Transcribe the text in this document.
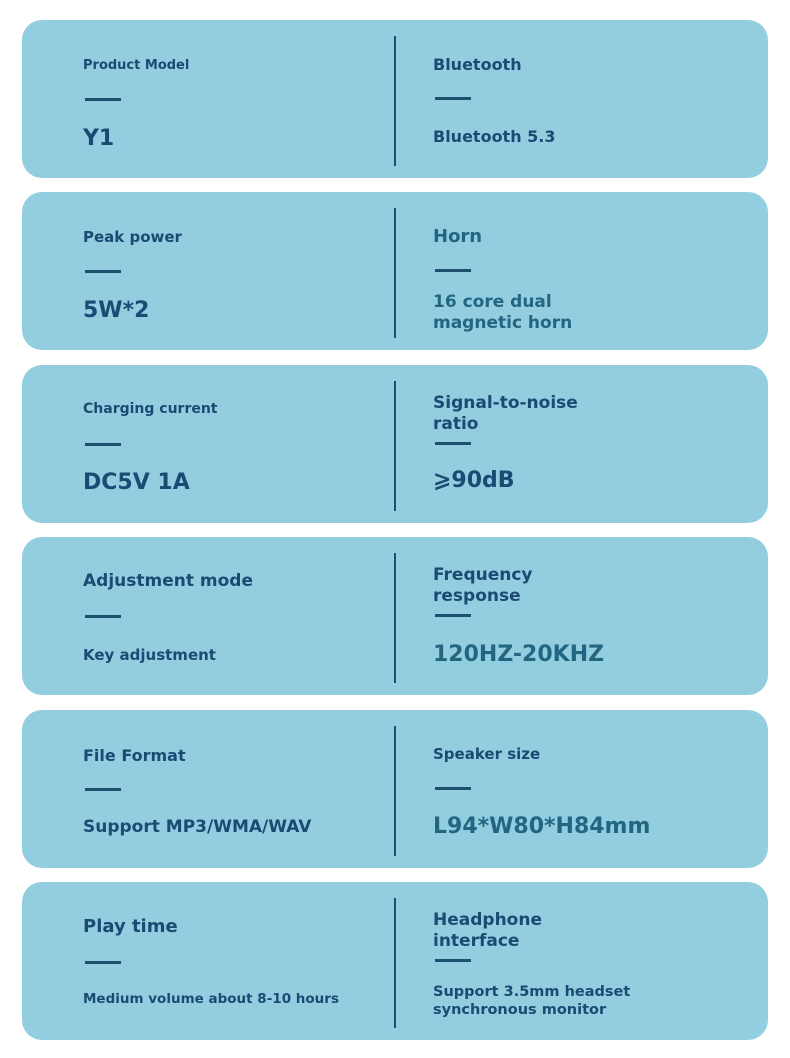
Product Model
Y1
Bluetooth
Bluetooth 5.3
Peak power
5W*2
Horn
16 core dual
magnetic horn
Charging current
DC5V 1A
Signal-to-noise
ratio
⩾90dB
Adjustment mode
Key adjustment
Frequency
response
120HZ-20KHZ
File Format
Support MP3/WMA/WAV
Speaker size
L94*W80*H84mm
Play time
Medium volume about 8-10 hours
Headphone
interface
Support 3.5mm headset
synchronous monitor
